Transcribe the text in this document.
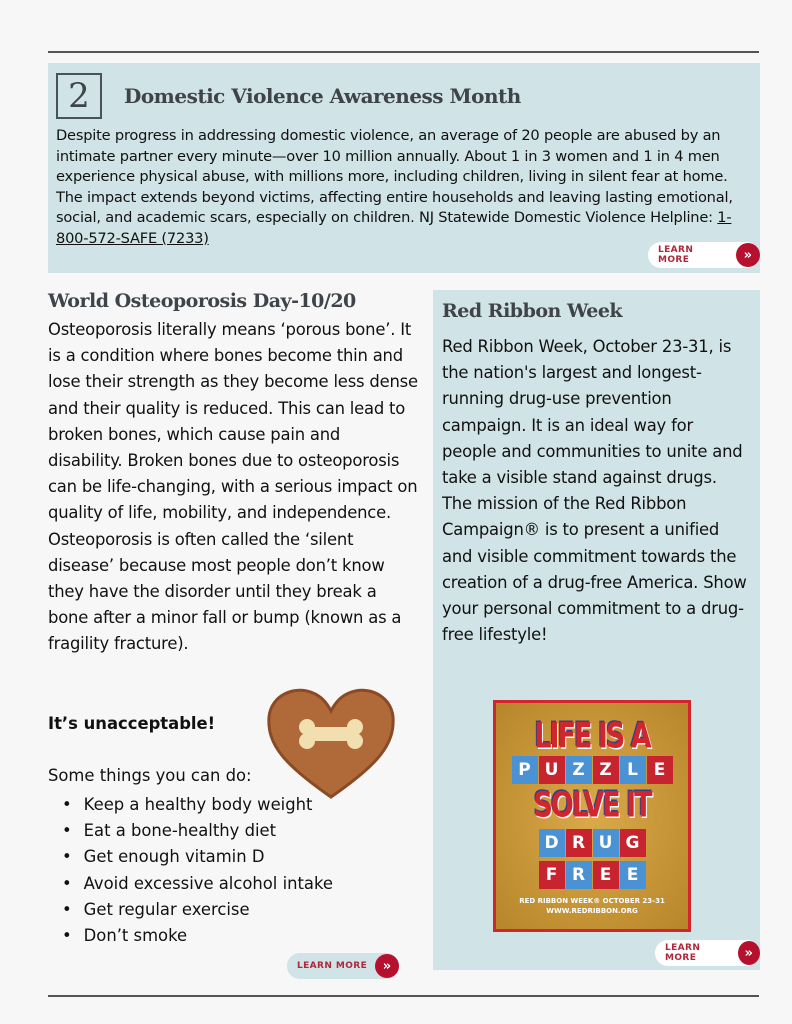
2	Domestic Violence Awareness Month

Despite progress in addressing domestic violence, an average of 20 people are abused by an intimate partner every minute—over 10 million annually. About 1 in 3 women and 1 in 4 men experience physical abuse, with millions more, including children, living in silent fear at home. The impact extends beyond victims, affecting entire households and leaving lasting emotional, social, and academic scars, especially on children. NJ Statewide Domestic Violence Helpline: 1-800-572-SAFE (7233)

LEARN MORE	»
World Osteoporosis Day-10/20

Osteoporosis literally means ‘porous bone’. It is a condition where bones become thin and lose their strength as they become less dense and their quality is reduced. This can lead to broken bones, which cause pain and disability. Broken bones due to osteoporosis can be life-changing, with a serious impact on quality of life, mobility, and independence. Osteoporosis is often called the ‘silent disease’ because most people don’t know they have the disorder until they break a bone after a minor fall or bump (known as a fragility fracture).

It’s unacceptable!

Some things you can do:

• Keep a healthy body weight
• Eat a bone-healthy diet
• Get enough vitamin D
• Avoid excessive alcohol intake
• Get regular exercise
• Don’t smoke
LEARN MORE	»
Red Ribbon Week

Red Ribbon Week, October 23-31, is the nation's largest and longest-running drug-use prevention campaign. It is an ideal way for people and communities to unite and take a visible stand against drugs. The mission of the Red Ribbon Campaign® is to present a unified and visible commitment towards the creation of a drug-free America. Show your personal commitment to a drug-free lifestyle!

LIFE IS A
P U Z Z L E
SOLVE IT
D R U G
F R E E
RED RIBBON WEEK® OCTOBER 23-31
WWW.REDRIBBON.ORG
LEARN MORE	»
